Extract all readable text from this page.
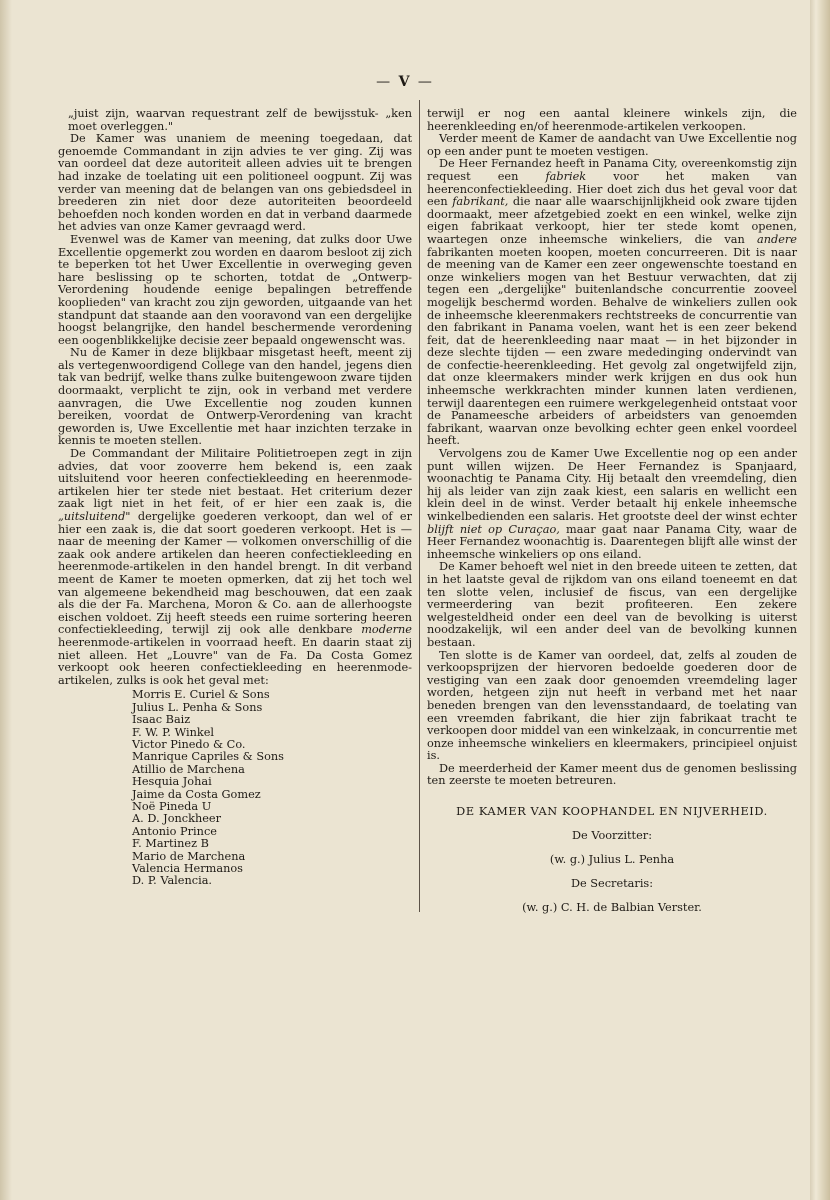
— V —

„juist zijn, waarvan requestrant zelf de bewijsstuk- „ken moet overleggen."

De Kamer was unaniem de meening toegedaan, dat genoemde Commandant in zijn advies te ver ging. Zij was van oordeel dat deze autoriteit alleen advies uit te brengen had inzake de toelating uit een politioneel oogpunt. Zij was verder van meening dat de belangen van ons gebiedsdeel in breederen zin niet door deze autoriteiten beoordeeld behoefden noch konden worden en dat in verband daarmede het advies van onze Kamer gevraagd werd.

Evenwel was de Kamer van meening, dat zulks door Uwe Excellentie opgemerkt zou worden en daarom besloot zij zich te beperken tot het Uwer Excellentie in overweging geven hare beslissing op te schorten, totdat de „Ontwerp-Verordening houdende eenige bepalingen betreffende kooplieden" van kracht zou zijn geworden, uitgaande van het standpunt dat staande aan den vooravond van een dergelijke hoogst belangrijke, den handel beschermende verordening een oogenblikkelijke decisie zeer bepaald ongewenscht was.

Nu de Kamer in deze blijkbaar misgetast heeft, meent zij als vertegenwoordigend College van den handel, jegens dien tak van bedrijf, welke thans zulke buitengewoon zware tijden doormaakt, verplicht te zijn, ook in verband met verdere aanvragen, die Uwe Excellentie nog zouden kunnen bereiken, voordat de Ontwerp-Verordening van kracht geworden is, Uwe Excellentie met haar inzichten terzake in kennis te moeten stellen.

De Commandant der Militaire Politietroepen zegt in zijn advies, dat voor zooverre hem bekend is, een zaak uitsluitend voor heeren confectiekleeding en heerenmode-artikelen hier ter stede niet bestaat. Het criterium dezer zaak ligt niet in het feit, of er hier een zaak is, die „uitsluitend" dergelijke goederen verkoopt, dan wel of er hier een zaak is, die dat soort goederen verkoopt. Het is — naar de meening der Kamer — volkomen onverschillig of die zaak ook andere artikelen dan heeren confectiekleeding en heerenmode-artikelen in den handel brengt. In dit verband meent de Kamer te moeten opmerken, dat zij het toch wel van algemeene bekendheid mag beschouwen, dat een zaak als die der Fa. Marchena, Moron & Co. aan de allerhoogste eischen voldoet. Zij heeft steeds een ruime sortering heeren confectiekleeding, terwijl zij ook alle denkbare moderne heerenmode-artikelen in voorraad heeft. En daarin staat zij niet alleen. Het „Louvre" van de Fa. Da Costa Gomez verkoopt ook heeren confectiekleeding en heerenmode-artikelen, zulks is ook het geval met:

Morris E. Curiel & Sons
Julius L. Penha & Sons
Isaac Baiz
F. W. P. Winkel
Victor Pinedo & Co.
Manrique Capriles & Sons
Atillio de Marchena
Hesquia Johai
Jaime da Costa Gomez
Noë Pineda U
A. D. Jonckheer
Antonio Prince
F. Martinez B
Mario de Marchena
Valencia Hermanos
D. P. Valencia.

terwijl er nog een aantal kleinere winkels zijn, die heerenkleeding en/of heerenmode-artikelen verkoopen.

Verder meent de Kamer de aandacht van Uwe Excellentie nog op een ander punt te moeten vestigen.

De Heer Fernandez heeft in Panama City, overeenkomstig zijn request een fabriek voor het maken van heerenconfectiekleeding. Hier doet zich dus het geval voor dat een fabrikant, die naar alle waarschijnlijkheid ook zware tijden doormaakt, meer afzetgebied zoekt en een winkel, welke zijn eigen fabrikaat verkoopt, hier ter stede komt openen, waartegen onze inheemsche winkeliers, die van andere fabrikanten moeten koopen, moeten concurreeren. Dit is naar de meening van de Kamer een zeer ongewenschte toestand en onze winkeliers mogen van het Bestuur verwachten, dat zij tegen een „dergelijke" buitenlandsche concurrentie zooveel mogelijk beschermd worden. Behalve de winkeliers zullen ook de inheemsche kleerenmakers rechtstreeks de concurrentie van den fabrikant in Panama voelen, want het is een zeer bekend feit, dat de heerenkleeding naar maat — in het bijzonder in deze slechte tijden — een zware mededinging ondervindt van de confectie-heerenkleeding. Het gevolg zal ongetwijfeld zijn, dat onze kleermakers minder werk krijgen en dus ook hun inheemsche werkkrachten minder kunnen laten verdienen, terwijl daarentegen een ruimere werkgelegenheid ontstaat voor de Panameesche arbeiders of arbeidsters van genoemden fabrikant, waarvan onze bevolking echter geen enkel voordeel heeft.

Vervolgens zou de Kamer Uwe Excellentie nog op een ander punt willen wijzen. De Heer Fernandez is Spanjaard, woonachtig te Panama City. Hij betaalt den vreemdeling, dien hij als leider van zijn zaak kiest, een salaris en wellicht een klein deel in de winst. Verder betaalt hij enkele inheemsche winkelbedienden een salaris. Het grootste deel der winst echter blijft niet op Curaçao, maar gaat naar Panama City, waar de Heer Fernandez woonachtig is. Daarentegen blijft alle winst der inheemsche winkeliers op ons eiland.

De Kamer behoeft wel niet in den breede uiteen te zetten, dat in het laatste geval de rijkdom van ons eiland toeneemt en dat ten slotte velen, inclusief de fiscus, van een dergelijke vermeerdering van bezit profiteeren. Een zekere welgesteldheid onder een deel van de bevolking is uiterst noodzakelijk, wil een ander deel van de bevolking kunnen bestaan.

Ten slotte is de Kamer van oordeel, dat, zelfs al zouden de verkoopsprijzen der hiervoren bedoelde goederen door de vestiging van een zaak door genoemden vreemdeling lager worden, hetgeen zijn nut heeft in verband met het naar beneden brengen van den levensstandaard, de toelating van een vreemden fabrikant, die hier zijn fabrikaat tracht te verkoopen door middel van een winkelzaak, in concurrentie met onze inheemsche winkeliers en kleermakers, principieel onjuist is.

De meerderheid der Kamer meent dus de genomen beslissing ten zeerste te moeten betreuren.

DE KAMER VAN KOOPHANDEL EN NIJVERHEID.
De Voorzitter:
(w. g.) Julius L. Penha
De Secretaris:
(w. g.) C. H. de Balbian Verster.
